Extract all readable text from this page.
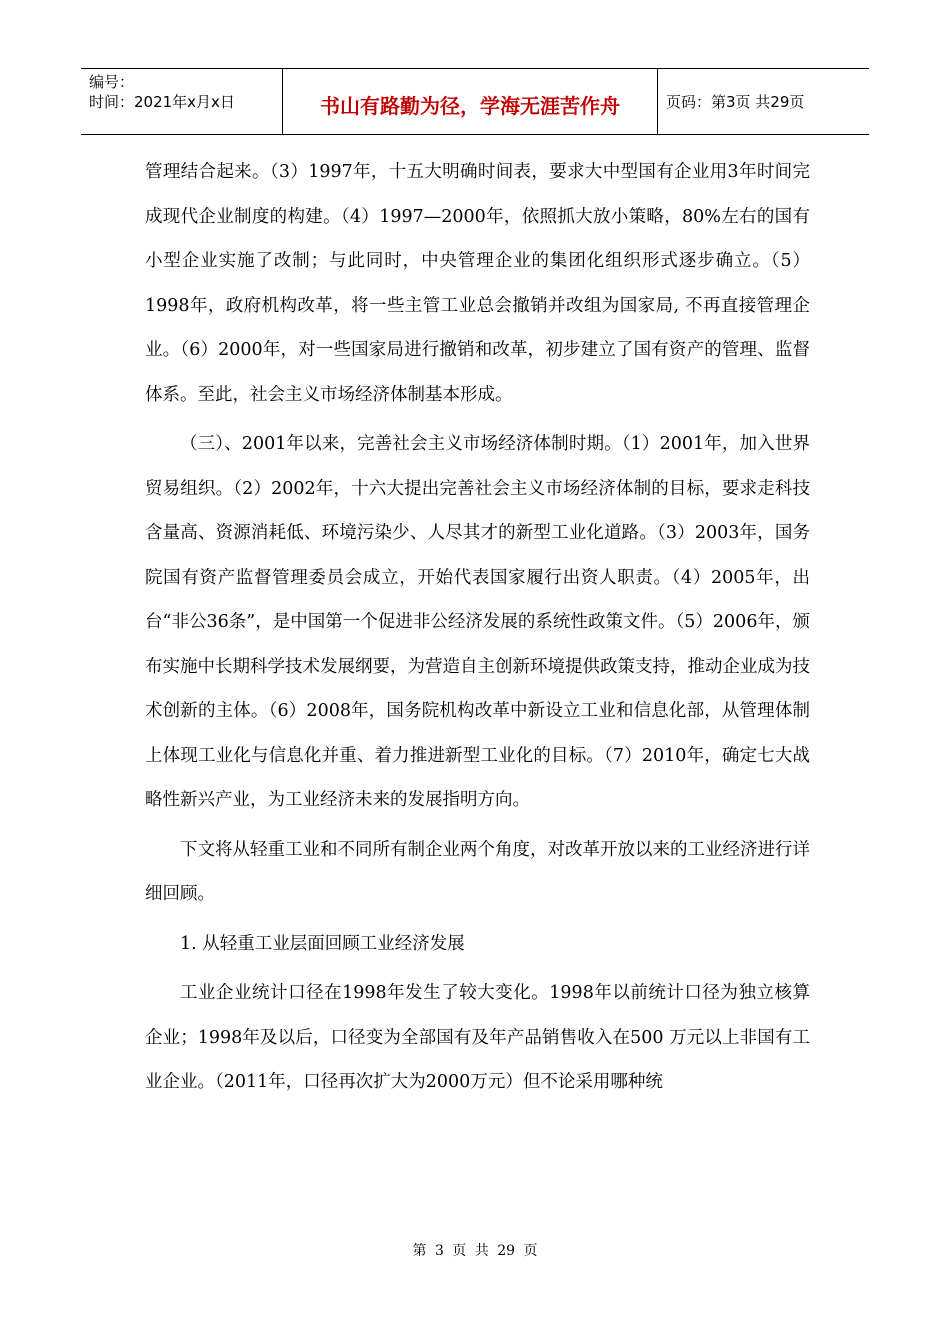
编号：
时间：2021年x月x日	书山有路勤为径，学海无涯苦作舟	页码：第3页 共29页

管理结合起来。（3）1997年，十五大明确时间表，要求大中型国有企业用3年时间完成现代企业制度的构建。（4）1997—2000年，依照抓大放小策略，80%左右的国有小型企业实施了改制；与此同时，中央管理企业的集团化组织形式逐步确立。（5）1998年，政府机构改革，将一些主管工业总会撤销并改组为国家局, 不再直接管理企业。（6）2000年，对一些国家局进行撤销和改革，初步建立了国有资产的管理、监督体系。至此，社会主义市场经济体制基本形成。

（三）、2001年以来，完善社会主义市场经济体制时期。（1）2001年，加入世界贸易组织。（2）2002年，十六大提出完善社会主义市场经济体制的目标，要求走科技含量高、资源消耗低、环境污染少、人尽其才的新型工业化道路。（3）2003年，国务院国有资产监督管理委员会成立，开始代表国家履行出资人职责。（4）2005年，出台“非公36条”，是中国第一个促进非公经济发展的系统性政策文件。（5）2006年，颁布实施中长期科学技术发展纲要，为营造自主创新环境提供政策支持，推动企业成为技术创新的主体。（6）2008年，国务院机构改革中新设立工业和信息化部，从管理体制上体现工业化与信息化并重、着力推进新型工业化的目标。（7）2010年，确定七大战略性新兴产业，为工业经济未来的发展指明方向。

下文将从轻重工业和不同所有制企业两个角度，对改革开放以来的工业经济进行详细回顾。

1. 从轻重工业层面回顾工业经济发展

工业企业统计口径在1998年发生了较大变化。1998年以前统计口径为独立核算企业；1998年及以后，口径变为全部国有及年产品销售收入在500 万元以上非国有工业企业。（2011年，口径再次扩大为2000万元）但不论采用哪种统

第 3 页 共 29 页
